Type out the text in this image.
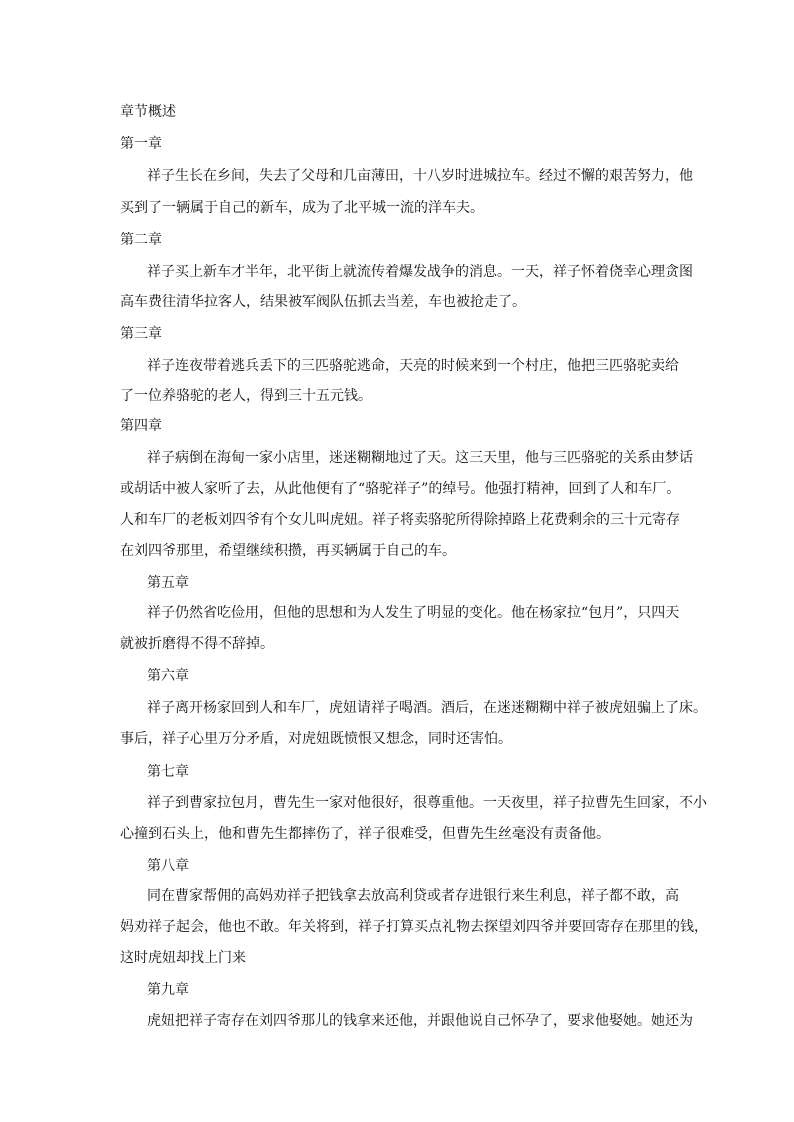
章节概述
第一章
祥子生长在乡间，失去了父母和几亩薄田，十八岁时进城拉车。经过不懈的艰苦努力，他
买到了一辆属于自己的新车，成为了北平城一流的洋车夫。
第二章
祥子买上新车才半年，北平街上就流传着爆发战争的消息。一天，祥子怀着侥幸心理贪图
高车费往清华拉客人，结果被军阀队伍抓去当差，车也被抢走了。
第三章
祥子连夜带着逃兵丢下的三匹骆驼逃命，天亮的时候来到一个村庄，他把三匹骆驼卖给
了一位养骆驼的老人，得到三十五元钱。
第四章
祥子病倒在海甸一家小店里，迷迷糊糊地过了天。这三天里，他与三匹骆驼的关系由梦话
或胡话中被人家听了去，从此他便有了“骆驼祥子”的绰号。他强打精神，回到了人和车厂。
人和车厂的老板刘四爷有个女儿叫虎妞。祥子将卖骆驼所得除掉路上花费剩余的三十元寄存
在刘四爷那里，希望继续积攒，再买辆属于自己的车。
第五章
祥子仍然省吃俭用，但他的思想和为人发生了明显的变化。他在杨家拉“包月”，只四天
就被折磨得不得不辞掉。
第六章
祥子离开杨家回到人和车厂，虎妞请祥子喝酒。酒后，在迷迷糊糊中祥子被虎妞骗上了床。
事后，祥子心里万分矛盾，对虎妞既愤恨又想念，同时还害怕。
第七章
祥子到曹家拉包月，曹先生一家对他很好，很尊重他。一天夜里，祥子拉曹先生回家，不小
心撞到石头上，他和曹先生都摔伤了，祥子很难受，但曹先生丝毫没有责备他。
第八章
同在曹家帮佣的高妈劝祥子把钱拿去放高利贷或者存进银行来生利息，祥子都不敢，高
妈劝祥子起会，他也不敢。年关将到，祥子打算买点礼物去探望刘四爷并要回寄存在那里的钱，
这时虎妞却找上门来
第九章
虎妞把祥子寄存在刘四爷那儿的钱拿来还他，并跟他说自己怀孕了，要求他娶她。她还为
